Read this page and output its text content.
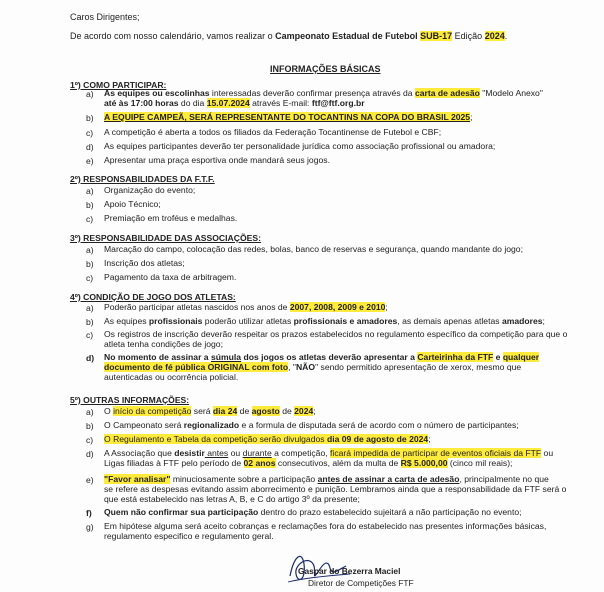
Caros Dirigentes;
De acordo com nosso calendário, vamos realizar o Campeonato Estadual de Futebol SUB-17 Edição 2024.
INFORMAÇÕES BÁSICAS
1º) COMO PARTICIPAR:
a)	As equipes ou escolinhas interessadas deverão confirmar presença através da carta de adesão "Modelo Anexo"
até às 17:00 horas do dia 15.07.2024 através E-mail: ftf@ftf.org.br
b)	A EQUIPE CAMPEÃ, SERÁ REPRESENTANTE DO TOCANTINS NA COPA DO BRASIL 2025;
c)	A competição é aberta a todos os filiados da Federação Tocantinense de Futebol e CBF;
d)	As equipes participantes deverão ter personalidade jurídica como associação profissional ou amadora;
e)	Apresentar uma praça esportiva onde mandará seus jogos.
2º) RESPONSABILIDADES DA F.T.F.
a)	Organização do evento;
b)	Apoio Técnico;
c)	Premiação em troféus e medalhas.
3º) RESPONSABILIDADE DAS ASSOCIAÇÕES:
a)	Marcação do campo, colocação das redes, bolas, banco de reservas e segurança, quando mandante do jogo;
b)	Inscrição dos atletas;
c)	Pagamento da taxa de arbitragem.
4º) CONDIÇÃO DE JOGO DOS ATLETAS:
a)	Poderão participar atletas nascidos nos anos de 2007, 2008, 2009 e 2010;
b)	As equipes profissionais poderão utilizar atletas profissionais e amadores, as demais apenas atletas amadores;
c)	Os registros de inscrição deverão respeitar os prazos estabelecidos no regulamento específico da competição para que o
atleta tenha condições de jogo;
d)	No momento de assinar a súmula dos jogos os atletas deverão apresentar a Carteirinha da FTF e qualquer
documento de fé pública ORIGINAL com foto, "NÃO" sendo permitido apresentação de xerox, mesmo que
autenticadas ou ocorrência policial.
5º) OUTRAS INFORMAÇÕES:
a)	O início da competição será dia 24 de agosto de 2024;
b)	O Campeonato será regionalizado e a formula de disputada será de acordo com o número de participantes;
c)	O Regulamento e Tabela da competição serão divulgados dia 09 de agosto de 2024;
d)	A Associação que desistir antes ou durante a competição, ficará impedida de participar de eventos oficiais da FTF ou
Ligas filiadas à FTF pelo período de 02 anos consecutivos, além da multa de R$ 5.000,00 (cinco mil reais);
e)	"Favor analisar" minuciosamente sobre a participação antes de assinar a carta de adesão, principalmente no que
se refere as despesas evitando assim aborrecimento e punição. Lembramos ainda que a responsabilidade da FTF será o
que está estabelecido nas letras A, B, e C do artigo 3º da presente;
f)	Quem não confirmar sua participação dentro do prazo estabelecido sujeitará a não participação no evento;
g)	Em hipótese alguma será aceito cobranças e reclamações fora do estabelecido nas presentes informações básicas,
regulamento especifico e regulamento geral.
Gaspar do Bezerra Maciel
Diretor de Competições FTF
